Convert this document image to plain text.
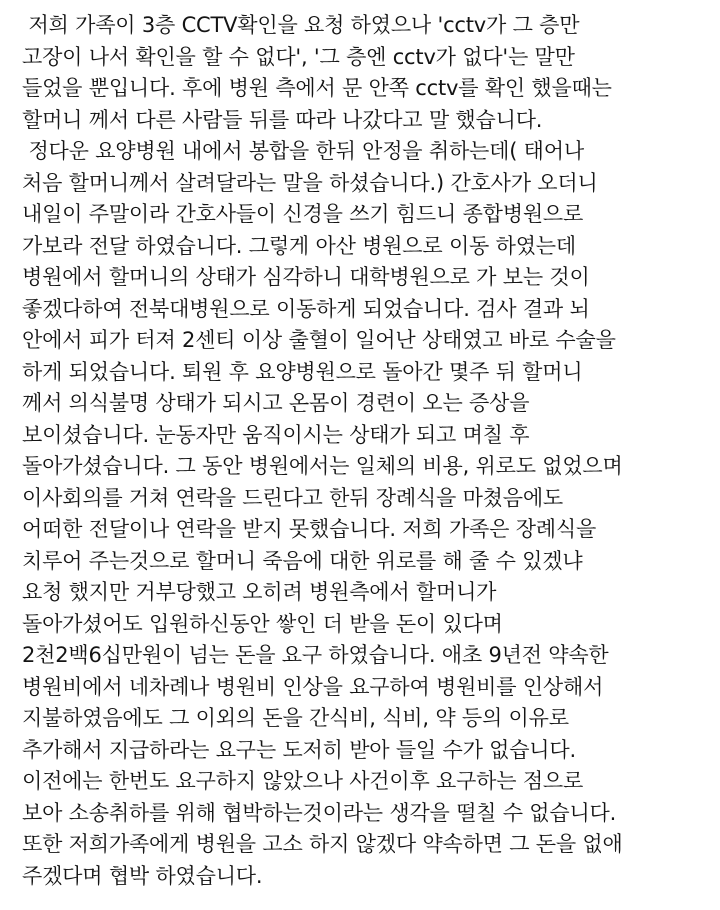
저희 가족이 3층 CCTV확인을 요청 하였으나 'cctv가 그 층만
고장이 나서 확인을 할 수 없다', '그 층엔 cctv가 없다'는 말만
들었을 뿐입니다. 후에 병원 측에서 문 안쪽 cctv를 확인 했을때는
할머니 께서 다른 사람들 뒤를 따라 나갔다고 말 했습니다.
정다운 요양병원 내에서 봉합을 한뒤 안정을 취하는데( 태어나
처음 할머니께서 살려달라는 말을 하셨습니다.) 간호사가 오더니
내일이 주말이라 간호사들이 신경을 쓰기 힘드니 종합병원으로
가보라 전달 하였습니다. 그렇게 아산 병원으로 이동 하였는데
병원에서 할머니의 상태가 심각하니 대학병원으로 가 보는 것이
좋겠다하여 전북대병원으로 이동하게 되었습니다. 검사 결과 뇌
안에서 피가 터져 2센티 이상 출혈이 일어난 상태였고 바로 수술을
하게 되었습니다. 퇴원 후 요양병원으로 돌아간 몇주 뒤 할머니
께서 의식불명 상태가 되시고 온몸이 경련이 오는 증상을
보이셨습니다. 눈동자만 움직이시는 상태가 되고 며칠 후
돌아가셨습니다. 그 동안 병원에서는 일체의 비용, 위로도 없었으며
이사회의를 거쳐 연락을 드린다고 한뒤 장례식을 마쳤음에도
어떠한 전달이나 연락을 받지 못했습니다. 저희 가족은 장례식을
치루어 주는것으로 할머니 죽음에 대한 위로를 해 줄 수 있겠냐
요청 했지만 거부당했고 오히려 병원측에서 할머니가
돌아가셨어도 입원하신동안 쌓인 더 받을 돈이 있다며
2천2백6십만원이 넘는 돈을 요구 하였습니다. 애초 9년전 약속한
병원비에서 네차례나 병원비 인상을 요구하여 병원비를 인상해서
지불하였음에도 그 이외의 돈을 간식비, 식비, 약 등의 이유로
추가해서 지급하라는 요구는 도저히 받아 들일 수가 없습니다.
이전에는 한번도 요구하지 않았으나 사건이후 요구하는 점으로
보아 소송취하를 위해 협박하는것이라는 생각을 떨칠 수 없습니다.
또한 저희가족에게 병원을 고소 하지 않겠다 약속하면 그 돈을 없애
주겠다며 협박 하였습니다.
